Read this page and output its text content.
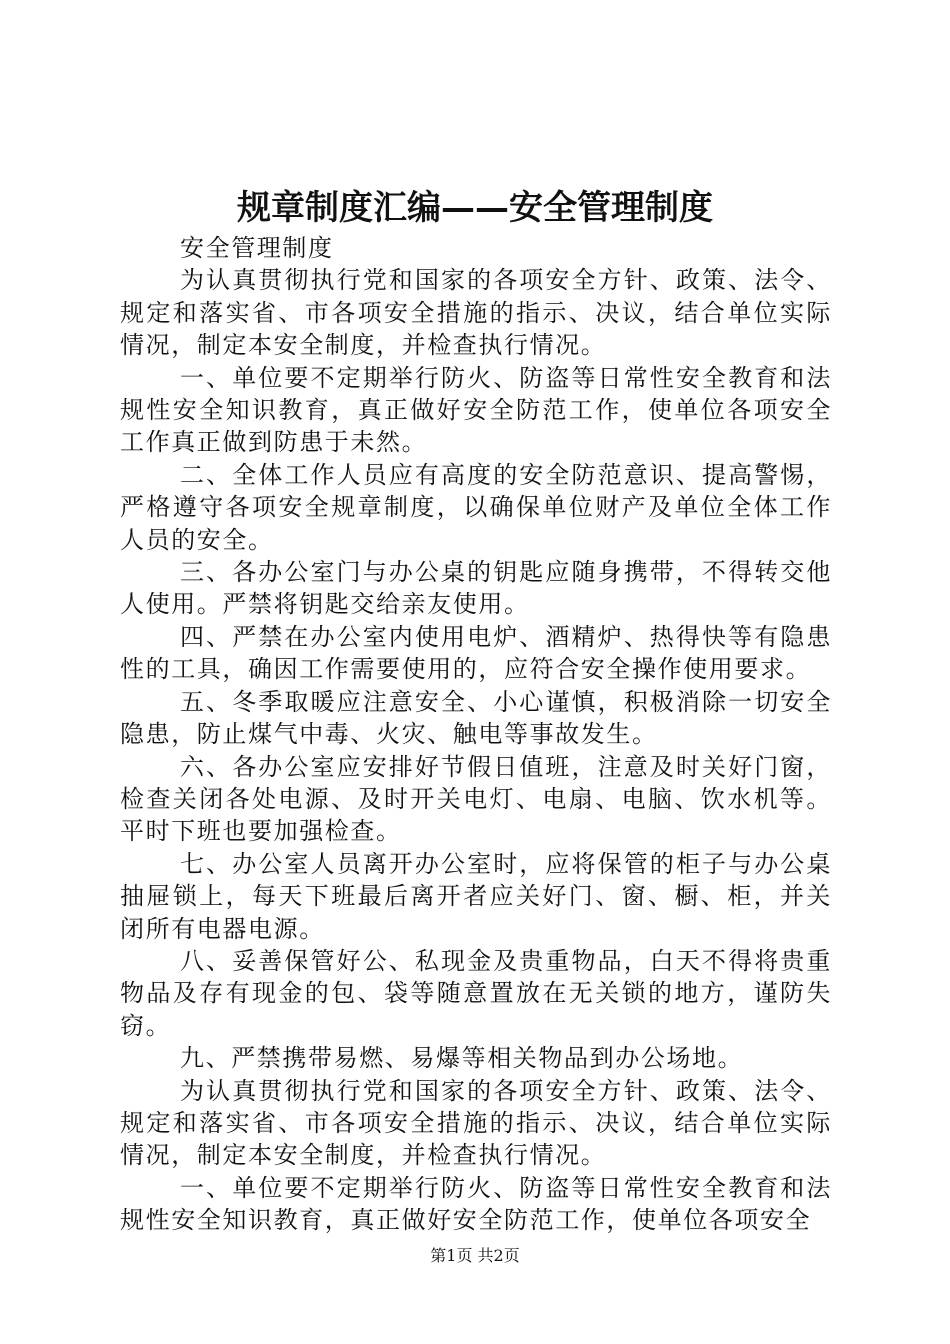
规章制度汇编——安全管理制度

安全管理制度

为认真贯彻执行党和国家的各项安全方针、政策、法令、规定和落实省、市各项安全措施的指示、决议，结合单位实际情况，制定本安全制度，并检查执行情况。

一、单位要不定期举行防火、防盗等日常性安全教育和法规性安全知识教育，真正做好安全防范工作，使单位各项安全工作真正做到防患于未然。

二、全体工作人员应有高度的安全防范意识、提高警惕，严格遵守各项安全规章制度，以确保单位财产及单位全体工作人员的安全。

三、各办公室门与办公桌的钥匙应随身携带，不得转交他人使用。严禁将钥匙交给亲友使用。

四、严禁在办公室内使用电炉、酒精炉、热得快等有隐患性的工具，确因工作需要使用的，应符合安全操作使用要求。

五、冬季取暖应注意安全、小心谨慎，积极消除一切安全隐患，防止煤气中毒、火灾、触电等事故发生。

六、各办公室应安排好节假日值班，注意及时关好门窗，检查关闭各处电源、及时开关电灯、电扇、电脑、饮水机等。平时下班也要加强检查。

七、办公室人员离开办公室时，应将保管的柜子与办公桌抽屉锁上，每天下班最后离开者应关好门、窗、橱、柜，并关闭所有电器电源。

八、妥善保管好公、私现金及贵重物品，白天不得将贵重物品及存有现金的包、袋等随意置放在无关锁的地方，谨防失窃。

九、严禁携带易燃、易爆等相关物品到办公场地。

为认真贯彻执行党和国家的各项安全方针、政策、法令、规定和落实省、市各项安全措施的指示、决议，结合单位实际情况，制定本安全制度，并检查执行情况。

一、单位要不定期举行防火、防盗等日常性安全教育和法规性安全知识教育，真正做好安全防范工作，使单位各项安全

第1页 共2页
